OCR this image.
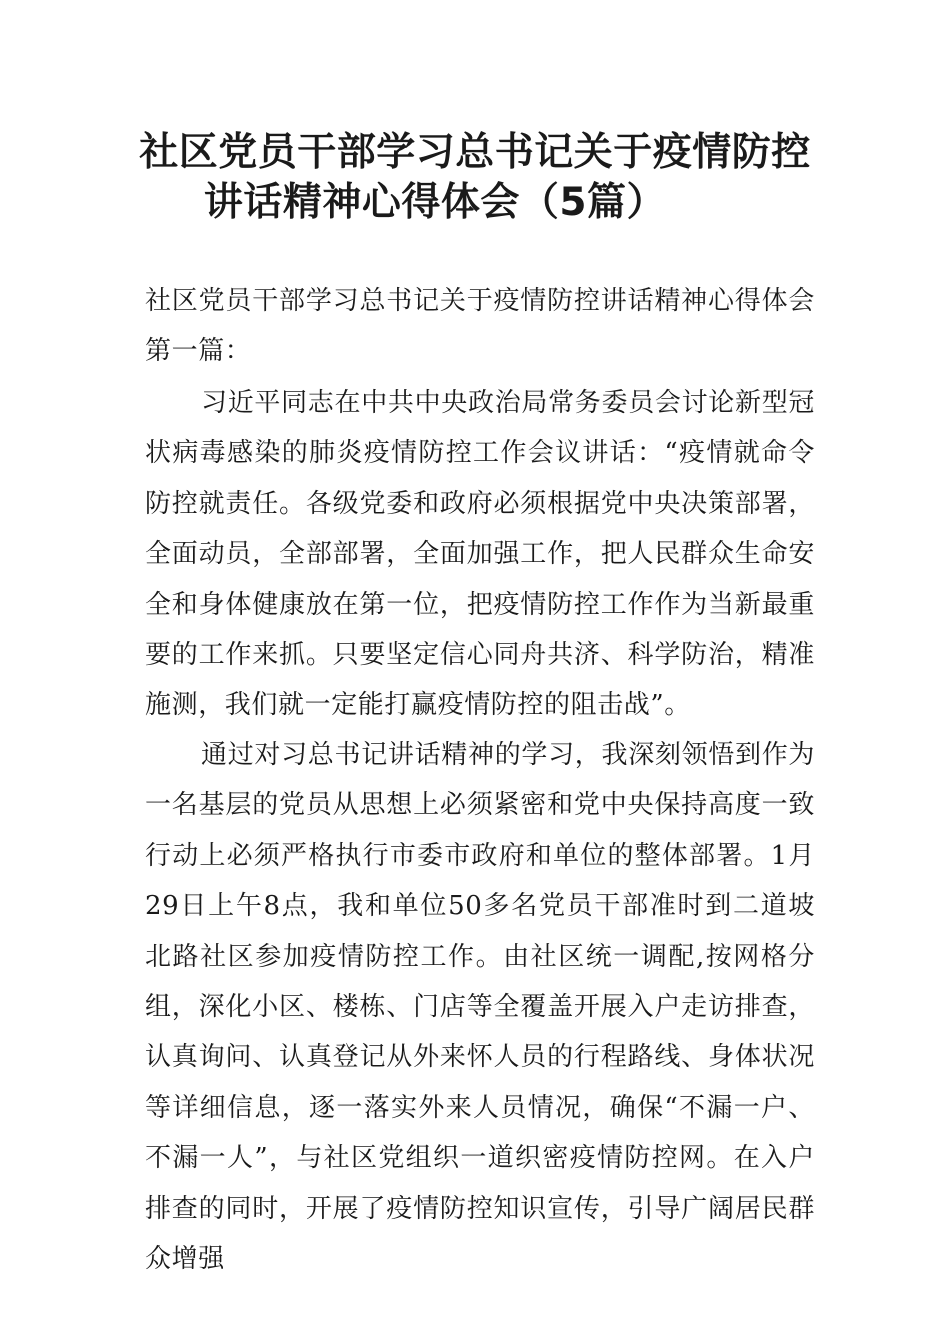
社区党员干部学习总书记关于疫情防控
讲话精神心得体会（5篇）

社区党员干部学习总书记关于疫情防控讲话精神心得体会第一篇：

习近平同志在中共中央政治局常务委员会讨论新型冠状病毒感染的肺炎疫情防控工作会议讲话：“疫情就命令防控就责任。各级党委和政府必须根据党中央决策部署，全面动员，全部部署，全面加强工作，把人民群众生命安全和身体健康放在第一位，把疫情防控工作作为当新最重要的工作来抓。只要坚定信心同舟共济、科学防治，精准施测，我们就一定能打赢疫情防控的阻击战”。

通过对习总书记讲话精神的学习，我深刻领悟到作为一名基层的党员从思想上必须紧密和党中央保持高度一致行动上必须严格执行市委市政府和单位的整体部署。1月29日上午8点，我和单位50多名党员干部准时到二道坡北路社区参加疫情防控工作。由社区统一调配,按网格分组，深化小区、楼栋、门店等全覆盖开展入户走访排查，认真询问、认真登记从外来怀人员的行程路线、身体状况等详细信息，逐一落实外来人员情况，确保“不漏一户、不漏一人”，与社区党组织一道织密疫情防控网。在入户排查的同时，开展了疫情防控知识宣传，引导广阔居民群众增强
